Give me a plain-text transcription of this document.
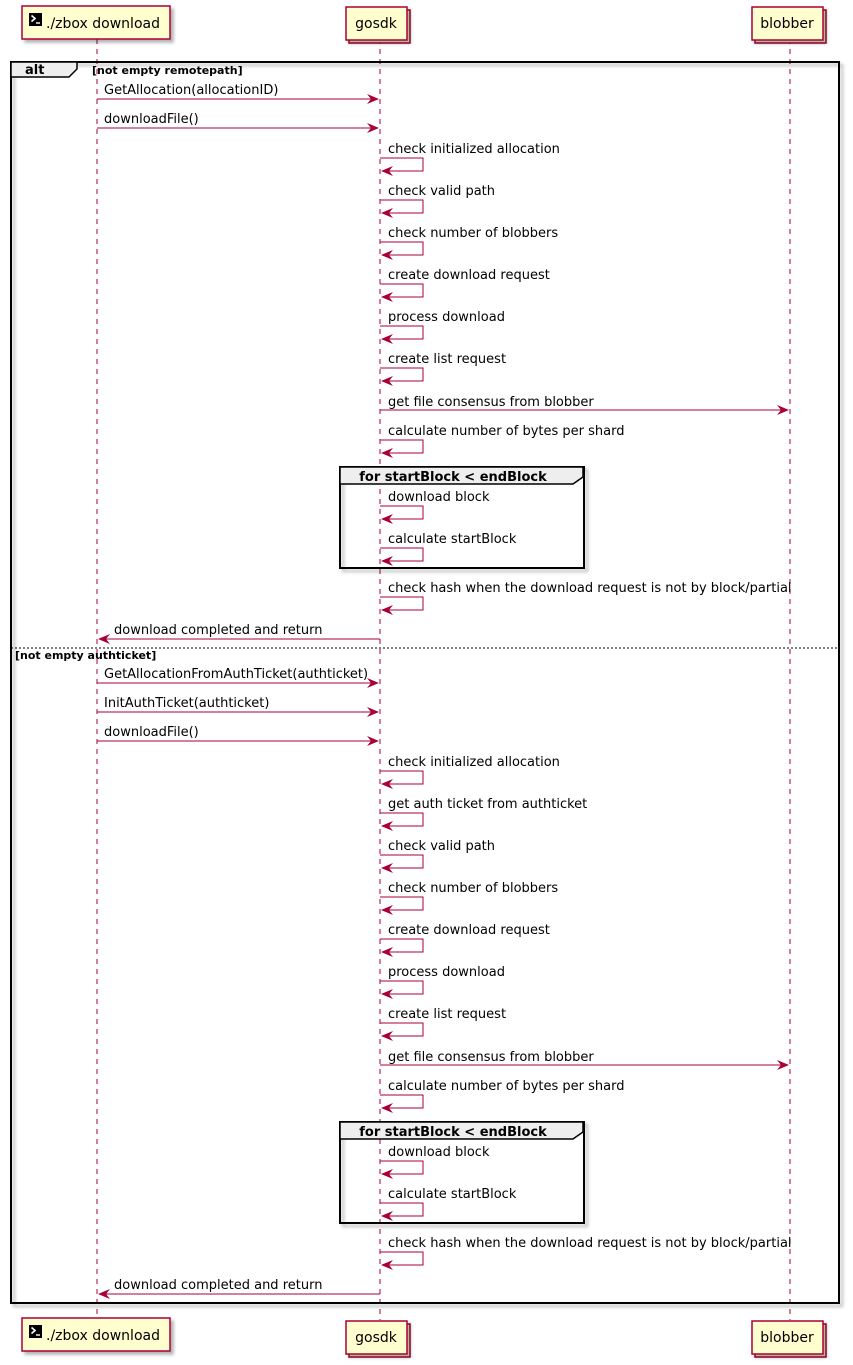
alt	[not empty remotepath]
[not empty authticket]
for startBlock < endBlock
for startBlock < endBlock
./zbox download	gosdk	blobber
./zbox download	gosdk	blobber
GetAllocation(allocationID)
downloadFile()
check initialized allocation
check valid path
check number of blobbers
create download request
process download
create list request
get file consensus from blobber
calculate number of bytes per shard
download block
calculate startBlock
check hash when the download request is not by block/partial
download completed and return
GetAllocationFromAuthTicket(authticket)
InitAuthTicket(authticket)
downloadFile()
check initialized allocation
get auth ticket from authticket
check valid path
check number of blobbers
create download request
process download
create list request
get file consensus from blobber
calculate number of bytes per shard
download block
calculate startBlock
check hash when the download request is not by block/partial
download completed and return
